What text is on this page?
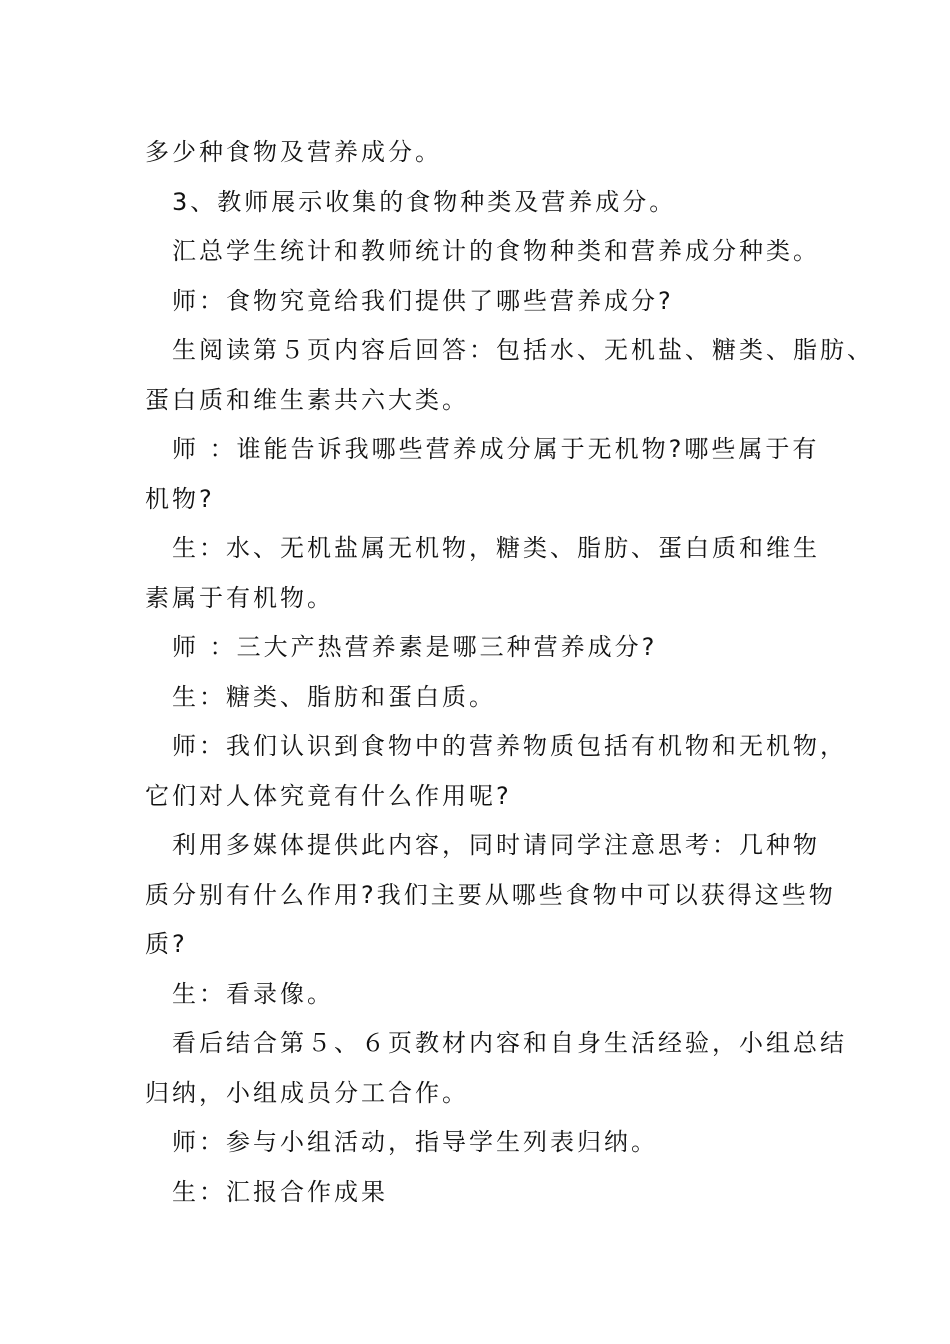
多少种食物及营养成分。

3、教师展示收集的食物种类及营养成分。

汇总学生统计和教师统计的食物种类和营养成分种类。

师：食物究竟给我们提供了哪些营养成分?

生阅读第５页内容后回答：包括水、无机盐、糖类、脂肪、
蛋白质和维生素共六大类。

师 ：谁能告诉我哪些营养成分属于无机物?哪些属于有
机物?

生：水、无机盐属无机物，糖类、脂肪、蛋白质和维生
素属于有机物。

师 ：三大产热营养素是哪三种营养成分?

生：糖类、脂肪和蛋白质。

师：我们认识到食物中的营养物质包括有机物和无机物，
它们对人体究竟有什么作用呢?

利用多媒体提供此内容，同时请同学注意思考：几种物
质分别有什么作用?我们主要从哪些食物中可以获得这些物
质?

生：看录像。

看后结合第５、６页教材内容和自身生活经验，小组总结
归纳，小组成员分工合作。

师：参与小组活动，指导学生列表归纳。

生：汇报合作成果
